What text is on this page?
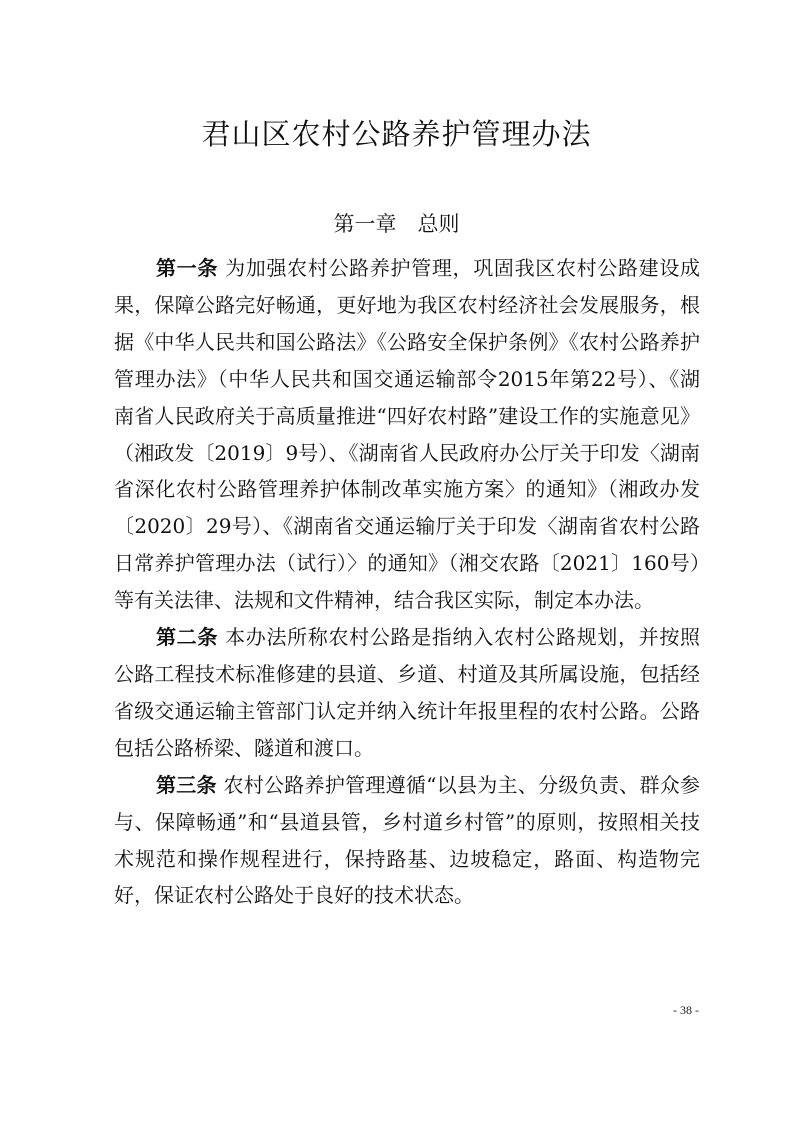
君山区农村公路养护管理办法
第一章　总则

第一条 为加强农村公路养护管理，巩固我区农村公路建设成果，保障公路完好畅通，更好地为我区农村经济社会发展服务，根据《中华人民共和国公路法》《公路安全保护条例》《农村公路养护管理办法》（中华人民共和国交通运输部令2015年第22号）、《湖南省人民政府关于高质量推进“四好农村路”建设工作的实施意见》（湘政发〔2019〕9号）、《湖南省人民政府办公厅关于印发〈湖南省深化农村公路管理养护体制改革实施方案〉的通知》（湘政办发〔2020〕29号）、《湖南省交通运输厅关于印发〈湖南省农村公路日常养护管理办法（试行）〉的通知》（湘交农路〔2021〕160号）等有关法律、法规和文件精神，结合我区实际，制定本办法。

第二条 本办法所称农村公路是指纳入农村公路规划，并按照公路工程技术标准修建的县道、乡道、村道及其所属设施，包括经省级交通运输主管部门认定并纳入统计年报里程的农村公路。公路包括公路桥梁、隧道和渡口。

第三条 农村公路养护管理遵循“以县为主、分级负责、群众参与、保障畅通”和“县道县管，乡村道乡村管”的原则，按照相关技术规范和操作规程进行，保持路基、边坡稳定，路面、构造物完好，保证农村公路处于良好的技术状态。

- 38 -
